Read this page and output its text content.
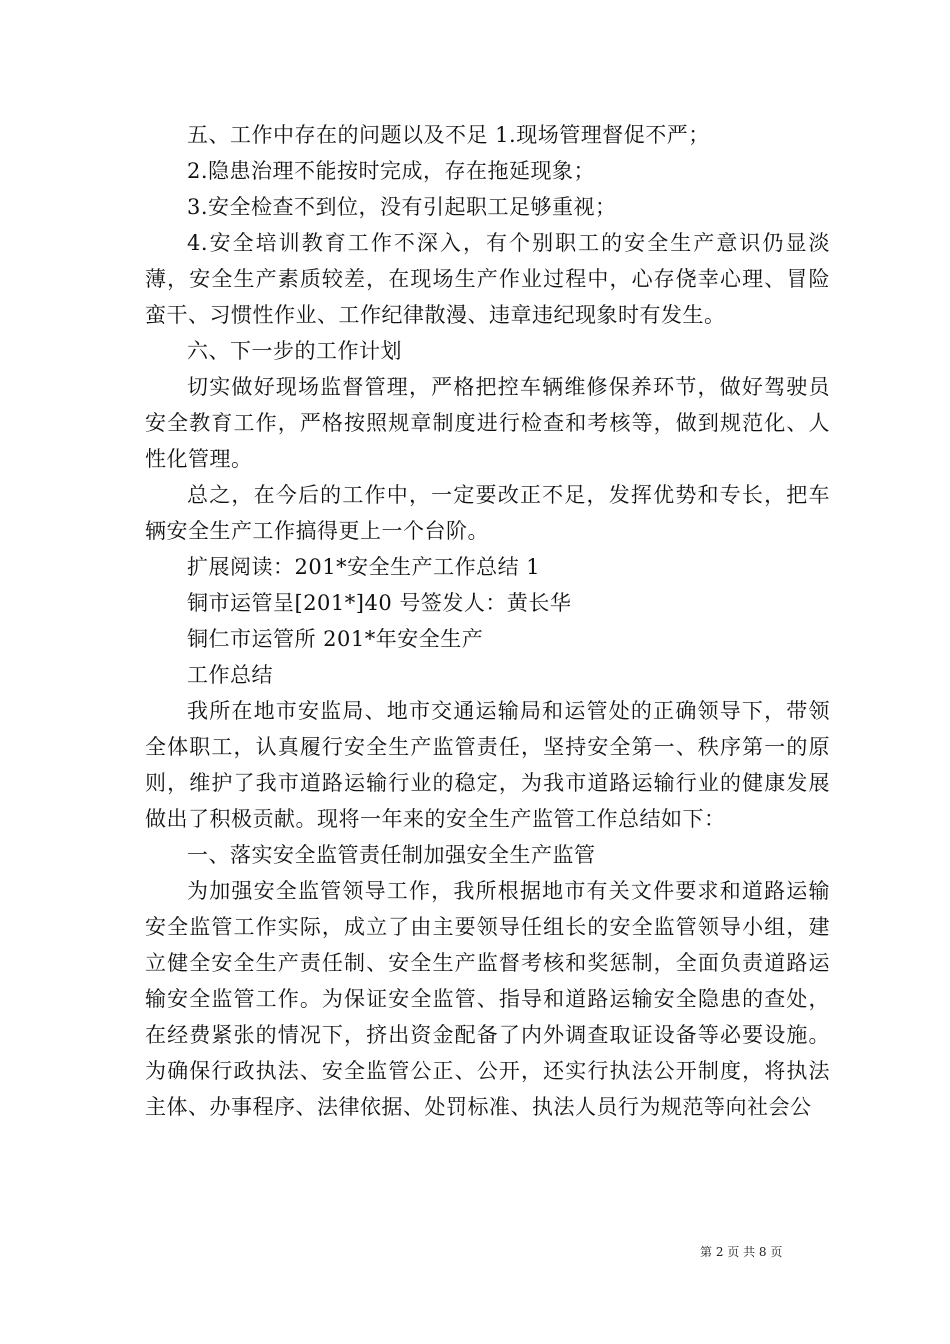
五、工作中存在的问题以及不足 1.现场管理督促不严；

2.隐患治理不能按时完成，存在拖延现象；

3.安全检查不到位，没有引起职工足够重视；

4.安全培训教育工作不深入，有个别职工的安全生产意识仍显淡薄，安全生产素质较差，在现场生产作业过程中，心存侥幸心理、冒险蛮干、习惯性作业、工作纪律散漫、违章违纪现象时有发生。

六、下一步的工作计划

切实做好现场监督管理，严格把控车辆维修保养环节，做好驾驶员安全教育工作，严格按照规章制度进行检查和考核等，做到规范化、人性化管理。

总之，在今后的工作中，一定要改正不足，发挥优势和专长，把车辆安全生产工作搞得更上一个台阶。

扩展阅读：201*安全生产工作总结 1

铜市运管呈[201*]40 号签发人：黄长华

铜仁市运管所 201*年安全生产

工作总结

我所在地市安监局、地市交通运输局和运管处的正确领导下，带领全体职工，认真履行安全生产监管责任，坚持安全第一、秩序第一的原则，维护了我市道路运输行业的稳定，为我市道路运输行业的健康发展做出了积极贡献。现将一年来的安全生产监管工作总结如下：

一、落实安全监管责任制加强安全生产监管

为加强安全监管领导工作，我所根据地市有关文件要求和道路运输安全监管工作实际，成立了由主要领导任组长的安全监管领导小组，建立健全安全生产责任制、安全生产监督考核和奖惩制，全面负责道路运输安全监管工作。为保证安全监管、指导和道路运输安全隐患的查处，在经费紧张的情况下，挤出资金配备了内外调查取证设备等必要设施。为确保行政执法、安全监管公正、公开，还实行执法公开制度，将执法主体、办事程序、法律依据、处罚标准、执法人员行为规范等向社会公

第 2 页 共 8 页
